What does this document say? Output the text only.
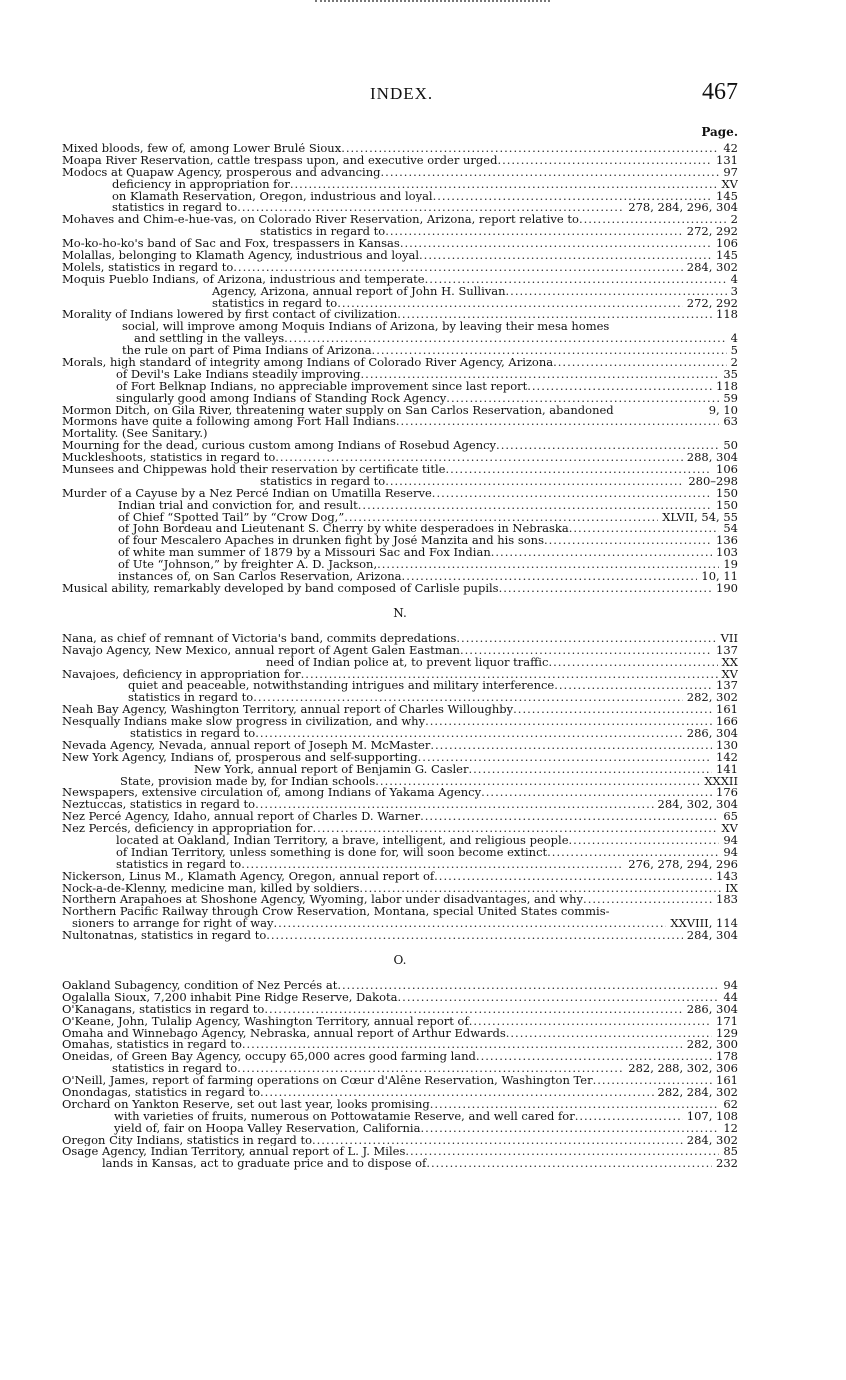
INDEX.	467
Page.
Mixed bloods, few of, among Lower Brulé Sioux .....	42
Moapa River Reservation, cattle trespass upon, and executive order urged .....	131
Modocs at Quapaw Agency, prosperous and advancing .....	97
deficiency in appropriation for .....	XV
on Klamath Reservation, Oregon, industrious and loyal .....	145
statistics in regard to .....	278, 284, 296, 304
Mohaves and Chim-e-hue-vas, on Colorado River Reservation, Arizona, report relative to .....	2
statistics in regard to .....	272, 292
Mo-ko-ho-ko's band of Sac and Fox, trespassers in Kansas .....	106
Molallas, belonging to Klamath Agency, industrious and loyal .....	145
Molels, statistics in regard to .....	284, 302
Moquis Pueblo Indians, of Arizona, industrious and temperate .....	4
Agency, Arizona, annual report of John H. Sullivan .....	3
statistics in regard to .....	272, 292
Morality of Indians lowered by first contact of civilization .....	118
social, will improve among Moquis Indians of Arizona, by leaving their mesa homes
and settling in the valleys .....	4
the rule on part of Pima Indians of Arizona .....	5
Morals, high standard of integrity among Indians of Colorado River Agency, Arizona .....	2
of Devil's Lake Indians steadily improving .....	35
of Fort Belknap Indians, no appreciable improvement since last report .....	118
singularly good among Indians of Standing Rock Agency .....	59
Mormon Ditch, on Gila River, threatening water supply on San Carlos Reservation, abandoned	9, 10
Mormons have quite a following among Fort Hall Indians .....	63
Mortality. (See Sanitary.)
Mourning for the dead, curious custom among Indians of Rosebud Agency .....	50
Muckleshoots, statistics in regard to .....	288, 304
Munsees and Chippewas hold their reservation by certificate title .....	106
statistics in regard to .....	280–298
Murder of a Cayuse by a Nez Percé Indian on Umatilla Reserve .....	150
Indian trial and conviction for, and result .....	150
of Chief “Spotted Tail” by “Crow Dog,” .....	XLVII, 54, 55
of John Bordeau and Lieutenant S. Cherry by white desperadoes in Nebraska .....	54
of four Mescalero Apaches in drunken fight by José Manzita and his sons .....	136
of white man summer of 1879 by a Missouri Sac and Fox Indian .....	103
of Ute “Johnson,” by freighter A. D. Jackson, .....	19
instances of, on San Carlos Reservation, Arizona .....	10, 11
Musical ability, remarkably developed by band composed of Carlisle pupils .....	190
N.
Nana, as chief of remnant of Victoria's band, commits depredations .....	VII
Navajo Agency, New Mexico, annual report of Agent Galen Eastman .....	137
need of Indian police at, to prevent liquor traffic .....	XX
Navajoes, deficiency in appropriation for .....	XV
quiet and peaceable, notwithstanding intrigues and military interference .....	137
statistics in regard to .....	282, 302
Neah Bay Agency, Washington Territory, annual report of Charles Willoughby .....	161
Nesqually Indians make slow progress in civilization, and why .....	166
statistics in regard to .....	286, 304
Nevada Agency, Nevada, annual report of Joseph M. McMaster .....	130
New York Agency, Indians of, prosperous and self-supporting .....	142
New York, annual report of Benjamin G. Casler .....	141
State, provision made by, for Indian schools .....	XXXII
Newspapers, extensive circulation of, among Indians of Yakama Agency .....	176
Neztuccas, statistics in regard to .....	284, 302, 304
Nez Percé Agency, Idaho, annual report of Charles D. Warner .....	65
Nez Percés, deficiency in appropriation for .....	XV
located at Oakland, Indian Territory, a brave, intelligent, and religious people .....	94
of Indian Territory, unless something is done for, will soon become extinct .....	94
statistics in regard to .....	276, 278, 294, 296
Nickerson, Linus M., Klamath Agency, Oregon, annual report of .....	143
Nock-a-de-Klenny, medicine man, killed by soldiers .....	IX
Northern Arapahoes at Shoshone Agency, Wyoming, labor under disadvantages, and why .....	183
Northern Pacific Railway through Crow Reservation, Montana, special United States commis-
sioners to arrange for right of way .....	XXVIII, 114
Nultonatnas, statistics in regard to .....	284, 304
O.
Oakland Subagency, condition of Nez Percés at .....	94
Ogalalla Sioux, 7,200 inhabit Pine Ridge Reserve, Dakota .....	44
O'Kanagans, statistics in regard to .....	286, 304
O'Keane, John, Tulalip Agency, Washington Territory, annual report of .....	171
Omaha and Winnebago Agency, Nebraska, annual report of Arthur Edwards .....	129
Omahas, statistics in regard to .....	282, 300
Oneidas, of Green Bay Agency, occupy 65,000 acres good farming land .....	178
statistics in regard to .....	282, 288, 302, 306
O'Neill, James, report of farming operations on Cœur d'Alêne Reservation, Washington Ter .....	161
Onondagas, statistics in regard to .....	282, 284, 302
Orchard on Yankton Reserve, set out last year, looks promising .....	62
with varieties of fruits, numerous on Pottowatamie Reserve, and well cared for .....	107, 108
yield of, fair on Hoopa Valley Reservation, California .....	12
Oregon City Indians, statistics in regard to .....	284, 302
Osage Agency, Indian Territory, annual report of L. J. Miles .....	85
lands in Kansas, act to graduate price and to dispose of .....	232
